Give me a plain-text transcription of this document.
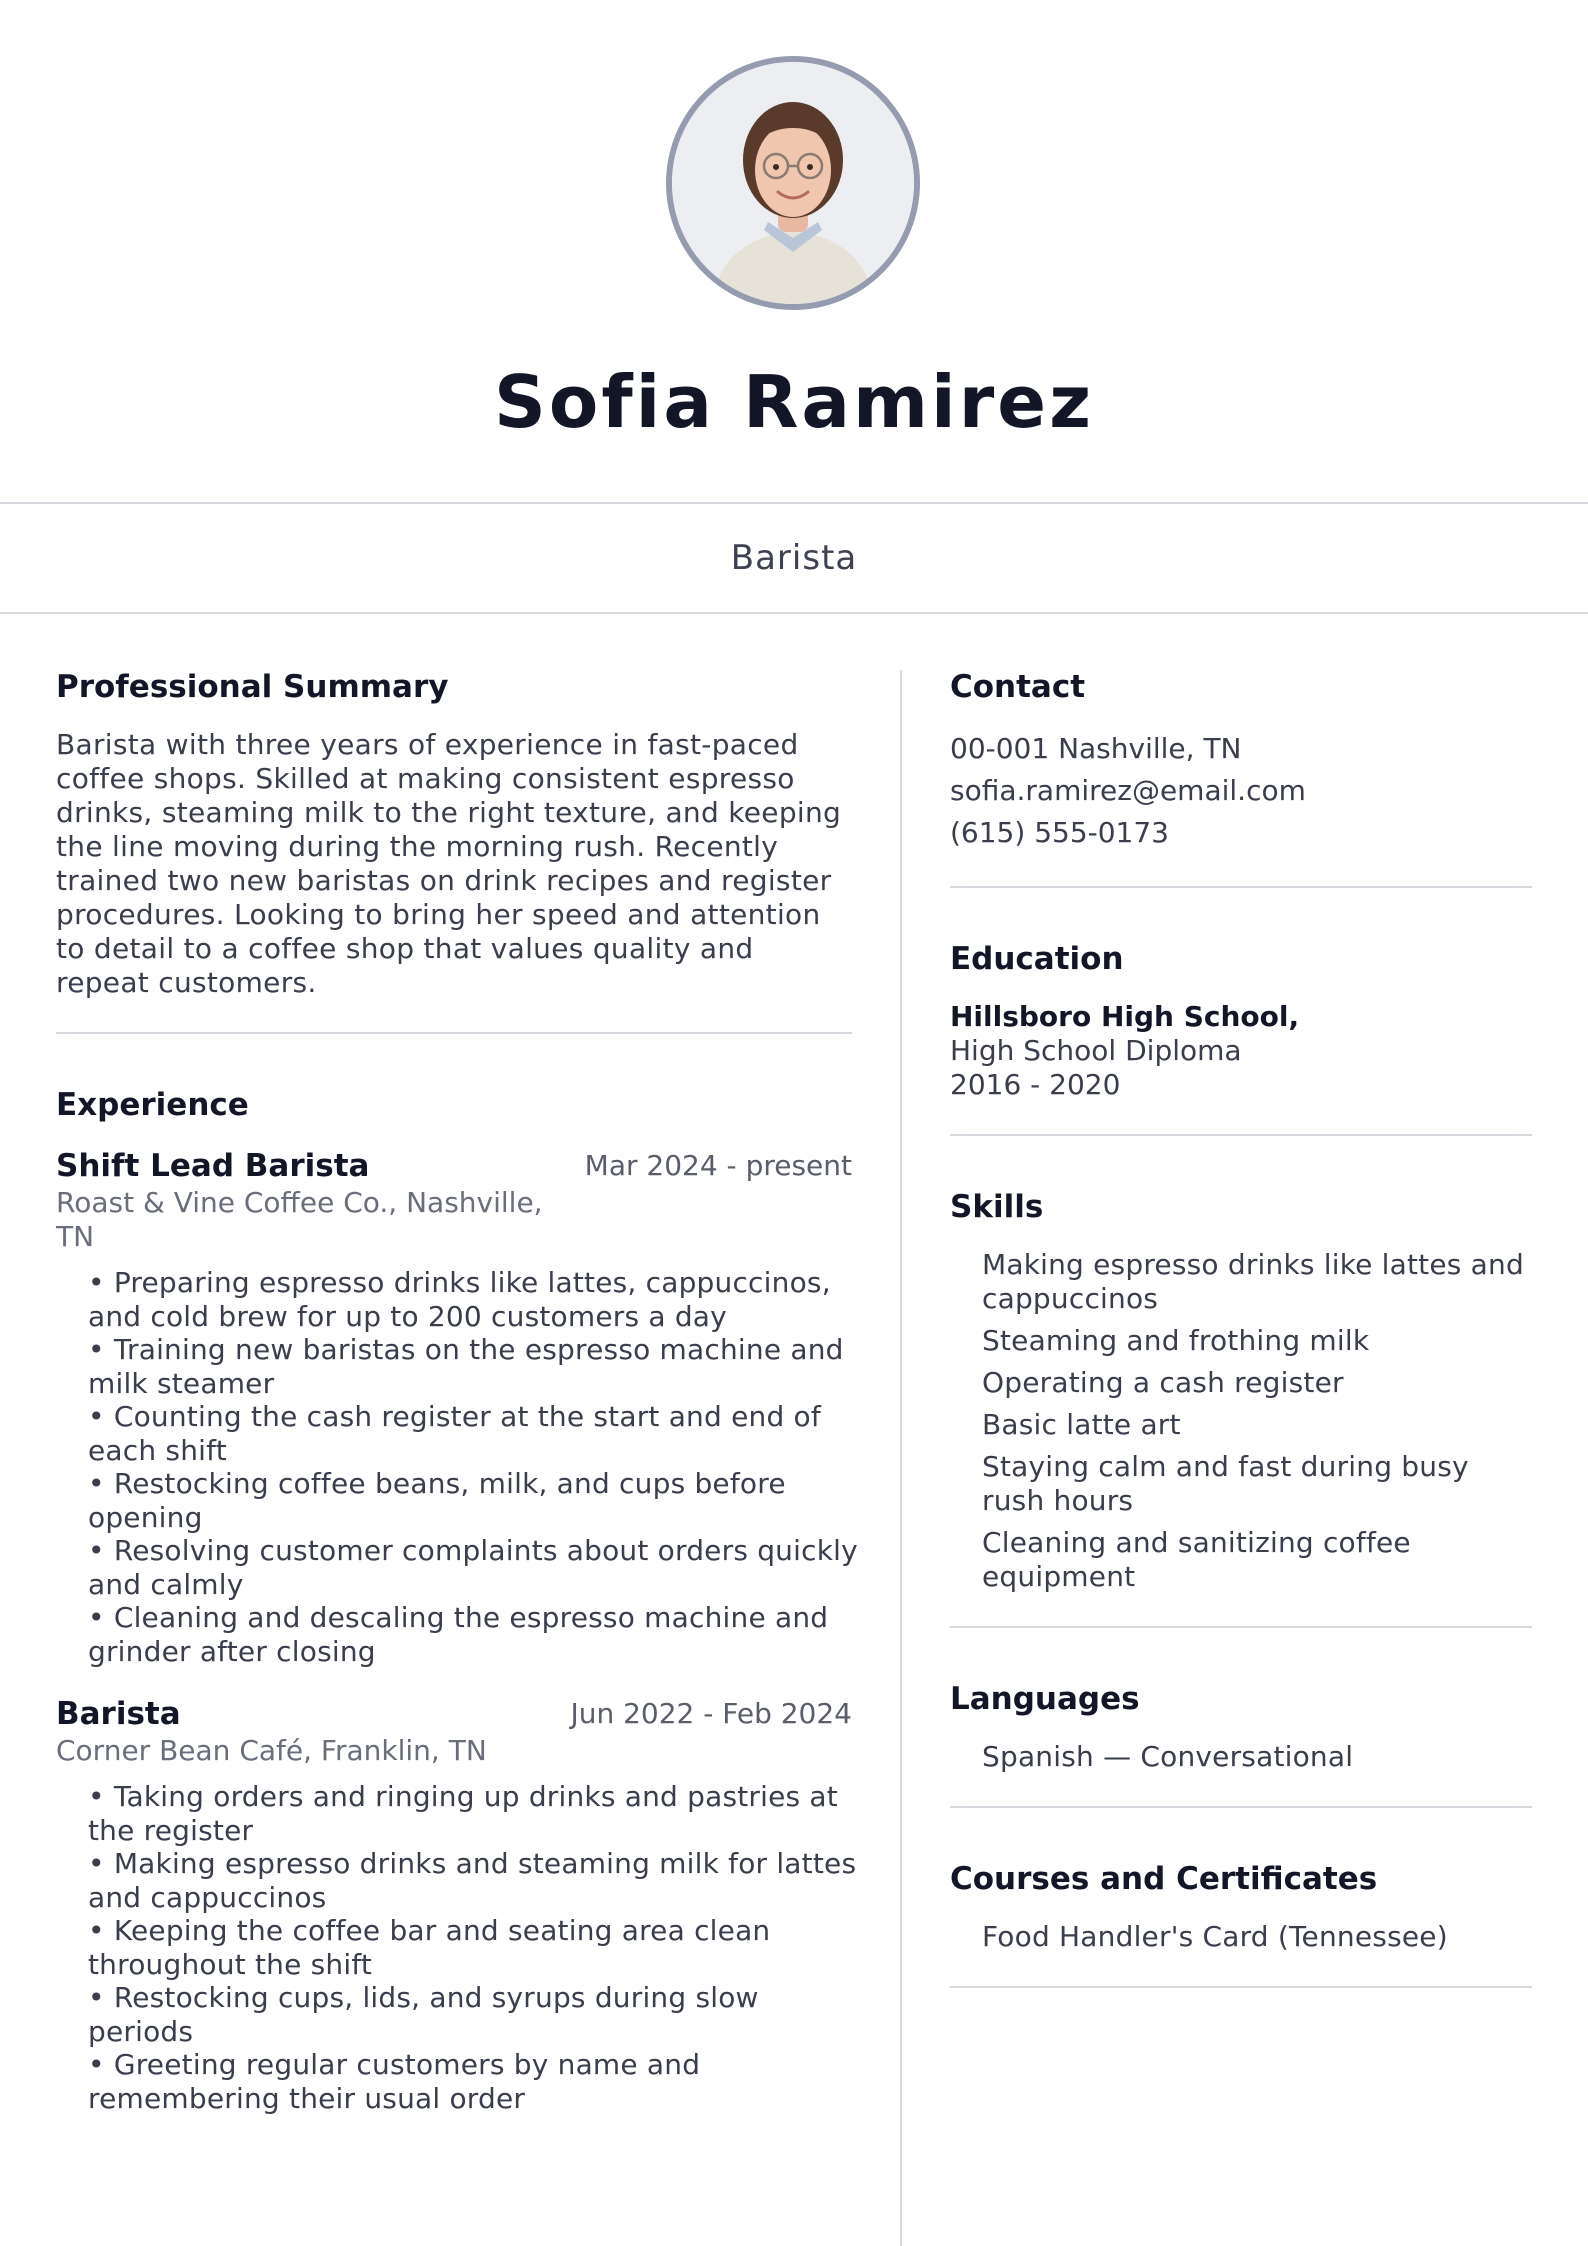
Sofia Ramirez
Barista
Professional Summary

Barista with three years of experience in fast-paced coffee shops. Skilled at making consistent espresso drinks, steaming milk to the right texture, and keeping the line moving during the morning rush. Recently trained two new baristas on drink recipes and register procedures. Looking to bring her speed and attention to detail to a coffee shop that values quality and repeat customers.

Experience
Shift Lead Barista	Mar 2024 - present
Roast & Vine Coffee Co., Nashville, TN
• Preparing espresso drinks like lattes, cappuccinos, and cold brew for up to 200 customers a day
• Training new baristas on the espresso machine and milk steamer
• Counting the cash register at the start and end of each shift
• Restocking coffee beans, milk, and cups before opening
• Resolving customer complaints about orders quickly and calmly
• Cleaning and descaling the espresso machine and grinder after closing
Barista	Jun 2022 - Feb 2024
Corner Bean Café, Franklin, TN
• Taking orders and ringing up drinks and pastries at the register
• Making espresso drinks and steaming milk for lattes and cappuccinos
• Keeping the coffee bar and seating area clean throughout the shift
• Restocking cups, lids, and syrups during slow periods
• Greeting regular customers by name and remembering their usual order
Contact
00-001 Nashville, TN
sofia.ramirez@email.com
(615) 555-0173
Education
Hillsboro High School,
High School Diploma
2016 - 2020
Skills
Making espresso drinks like lattes and cappuccinos
Steaming and frothing milk
Operating a cash register
Basic latte art
Staying calm and fast during busy rush hours
Cleaning and sanitizing coffee equipment
Languages
Spanish — Conversational
Courses and Certificates
Food Handler's Card (Tennessee)
